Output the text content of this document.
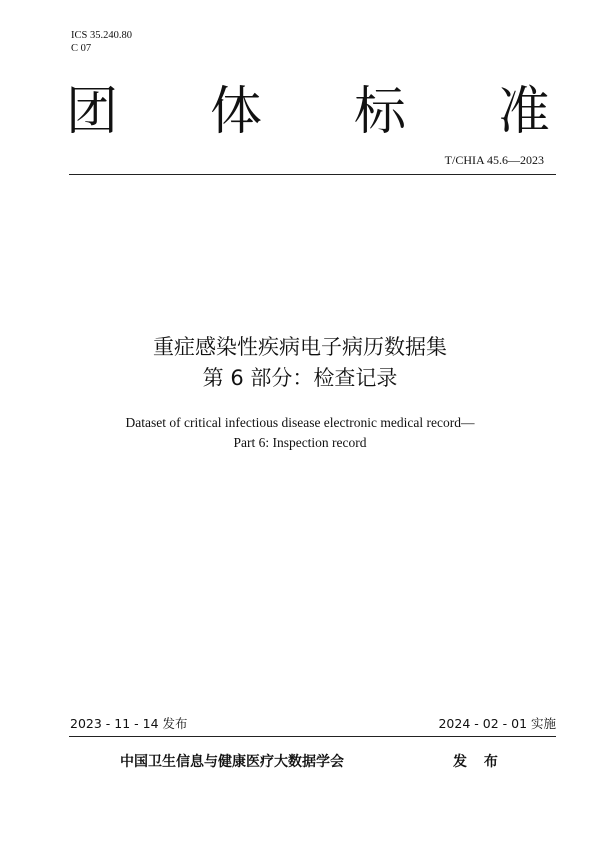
ICS 35.240.80
C 07
团 体 标 准
T/CHIA 45.6—2023
重症感染性疾病电子病历数据集
第 6 部分：检查记录
Dataset of critical infectious disease electronic medical record—
Part 6: Inspection record
2023 - 11 - 14 发布	2024 - 02 - 01 实施
中国卫生信息与健康医疗大数据学会	发 布
